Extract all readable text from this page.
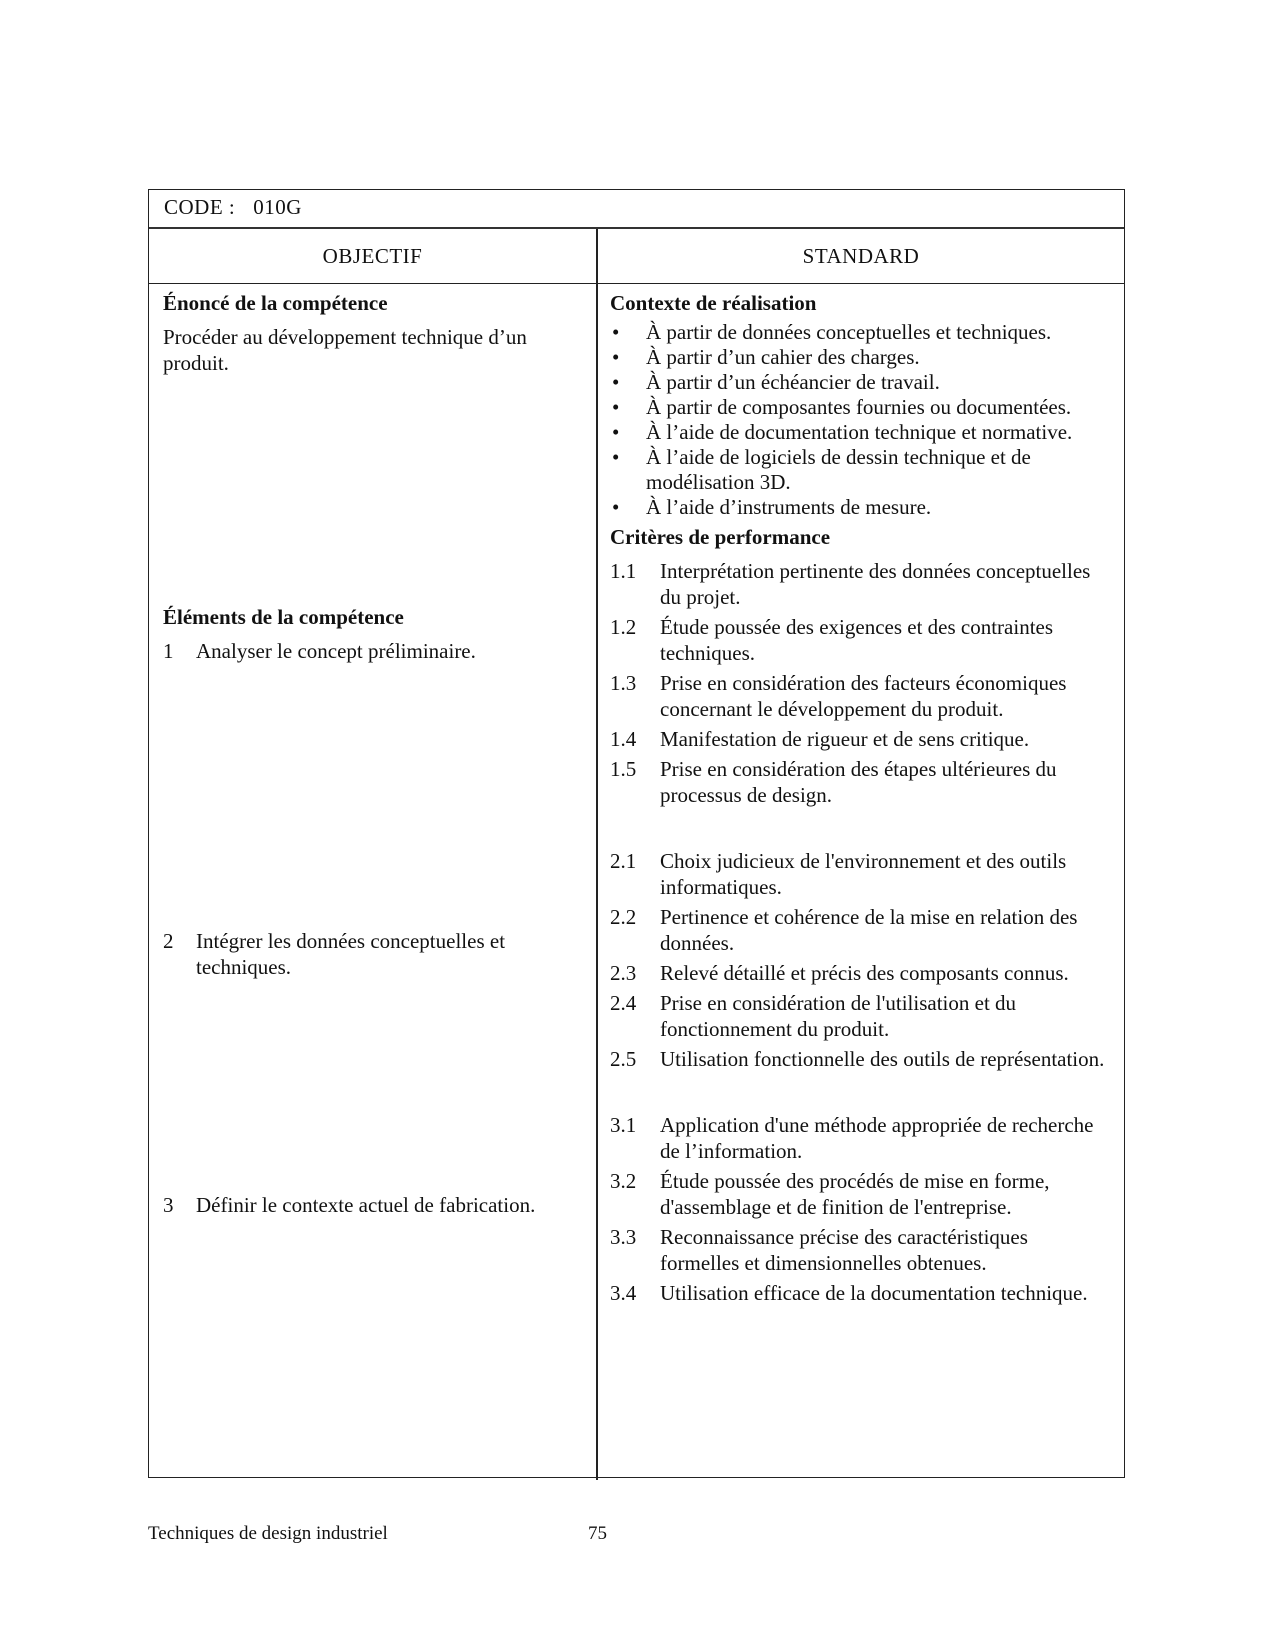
CODE : 010G
OBJECTIF	STANDARD
Énoncé de la compétence

Procéder au développement technique d’un produit.

Éléments de la compétence
1	Analyser le concept préliminaire.
2	Intégrer les données conceptuelles et techniques.
3	Définir le contexte actuel de fabrication.
Contexte de réalisation
• À partir de données conceptuelles et techniques.
• À partir d’un cahier des charges.
• À partir d’un échéancier de travail.
• À partir de composantes fournies ou documentées.
• À l’aide de documentation technique et normative.
• À l’aide de logiciels de dessin technique et de modélisation 3D.
• À l’aide d’instruments de mesure.
Critères de performance
1.1	Interprétation pertinente des données conceptuelles du projet.
1.2	Étude poussée des exigences et des contraintes techniques.
1.3	Prise en considération des facteurs économiques concernant le développement du produit.
1.4	Manifestation de rigueur et de sens critique.
1.5	Prise en considération des étapes ultérieures du processus de design.
2.1	Choix judicieux de l'environnement et des outils informatiques.
2.2	Pertinence et cohérence de la mise en relation des données.
2.3	Relevé détaillé et précis des composants connus.
2.4	Prise en considération de l'utilisation et du fonctionnement du produit.
2.5	Utilisation fonctionnelle des outils de représentation.
3.1	Application d'une méthode appropriée de recherche de l’information.
3.2	Étude poussée des procédés de mise en forme, d'assemblage et de finition de l'entreprise.
3.3	Reconnaissance précise des caractéristiques formelles et dimensionnelles obtenues.
3.4	Utilisation efficace de la documentation technique.
Techniques de design industriel	75
